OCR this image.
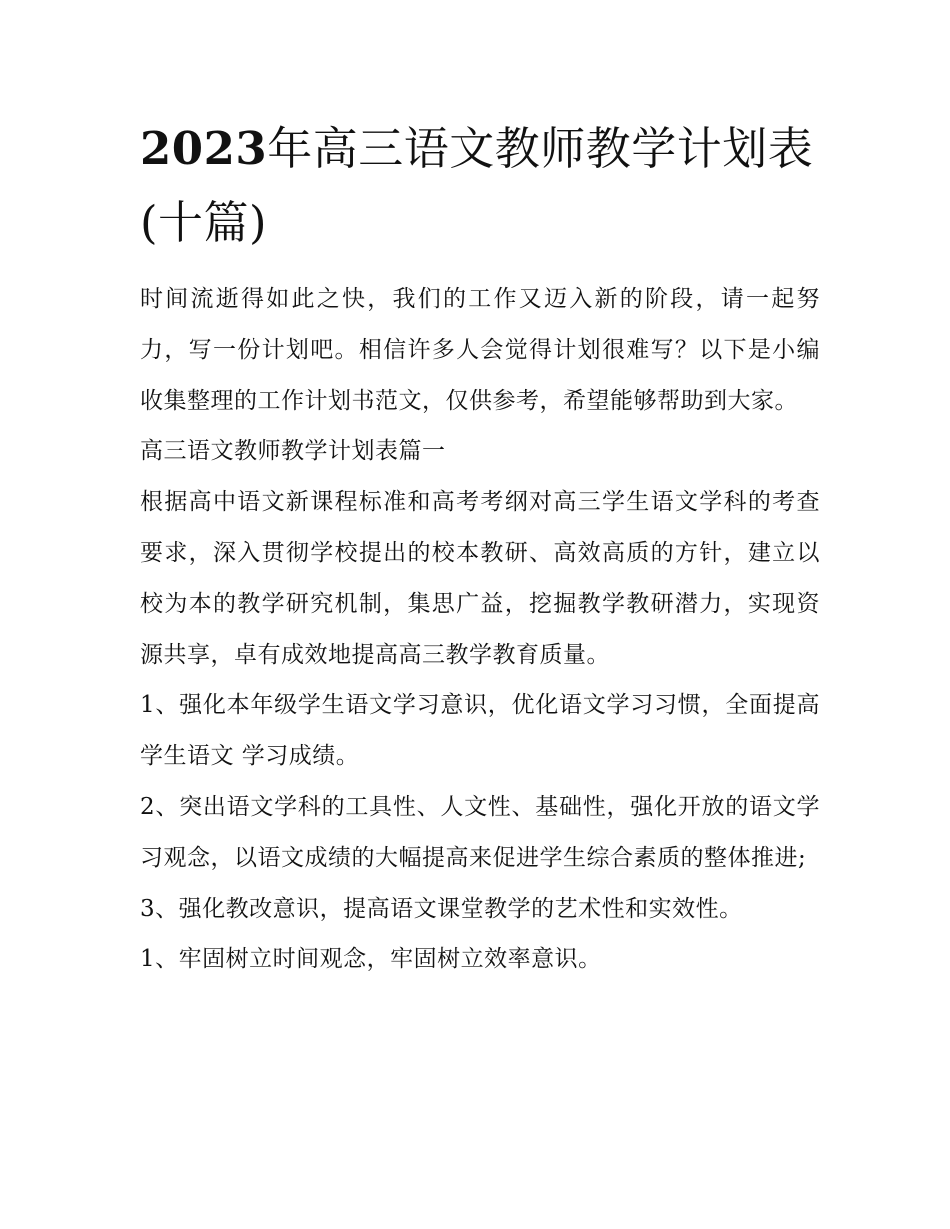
2023年高三语文教师教学计划表(十篇)

时间流逝得如此之快，我们的工作又迈入新的阶段，请一起努力，写一份计划吧。相信许多人会觉得计划很难写？以下是小编收集整理的工作计划书范文，仅供参考，希望能够帮助到大家。

高三语文教师教学计划表篇一

根据高中语文新课程标准和高考考纲对高三学生语文学科的考查要求，深入贯彻学校提出的校本教研、高效高质的方针，建立以校为本的教学研究机制，集思广益，挖掘教学教研潜力，实现资源共享，卓有成效地提高高三教学教育质量。

1、强化本年级学生语文学习意识，优化语文学习习惯，全面提高学生语文 学习成绩。

2、突出语文学科的工具性、人文性、基础性，强化开放的语文学习观念，以语文成绩的大幅提高来促进学生综合素质的整体推进;

3、强化教改意识，提高语文课堂教学的艺术性和实效性。

1、牢固树立时间观念，牢固树立效率意识。
